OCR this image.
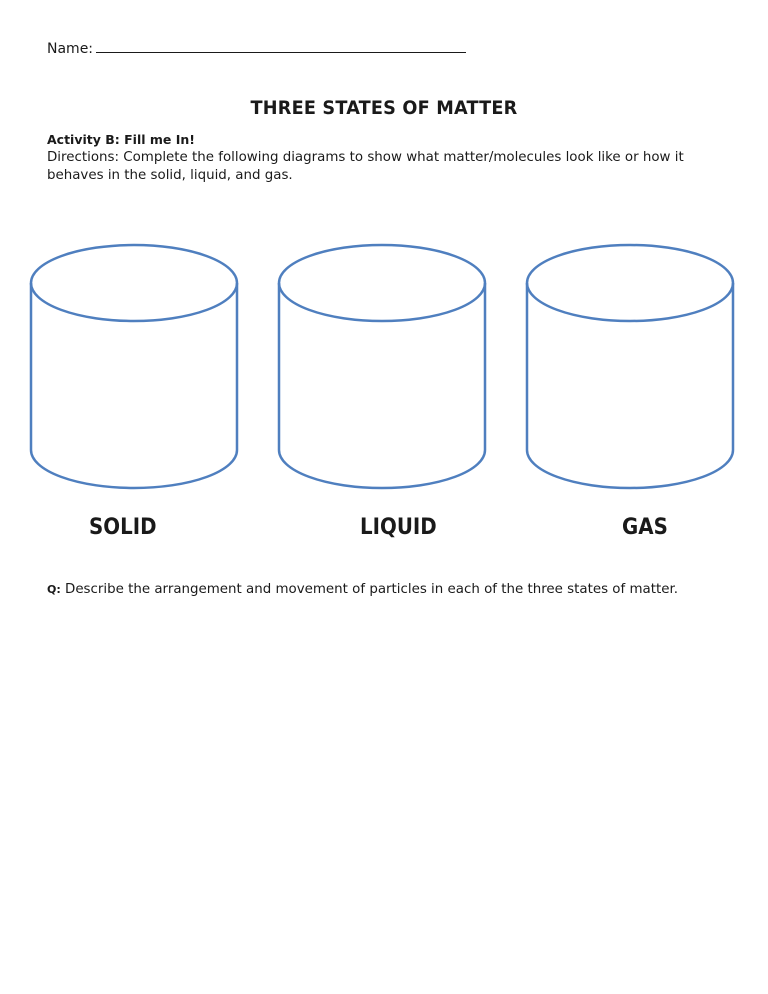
Name:
THREE STATES OF MATTER
Activity B: Fill me In!
Directions: Complete the following diagrams to show what matter/molecules look like or how it behaves in the solid, liquid, and gas.
SOLID	LIQUID	GAS
Q: Describe the arrangement and movement of particles in each of the three states of matter.
